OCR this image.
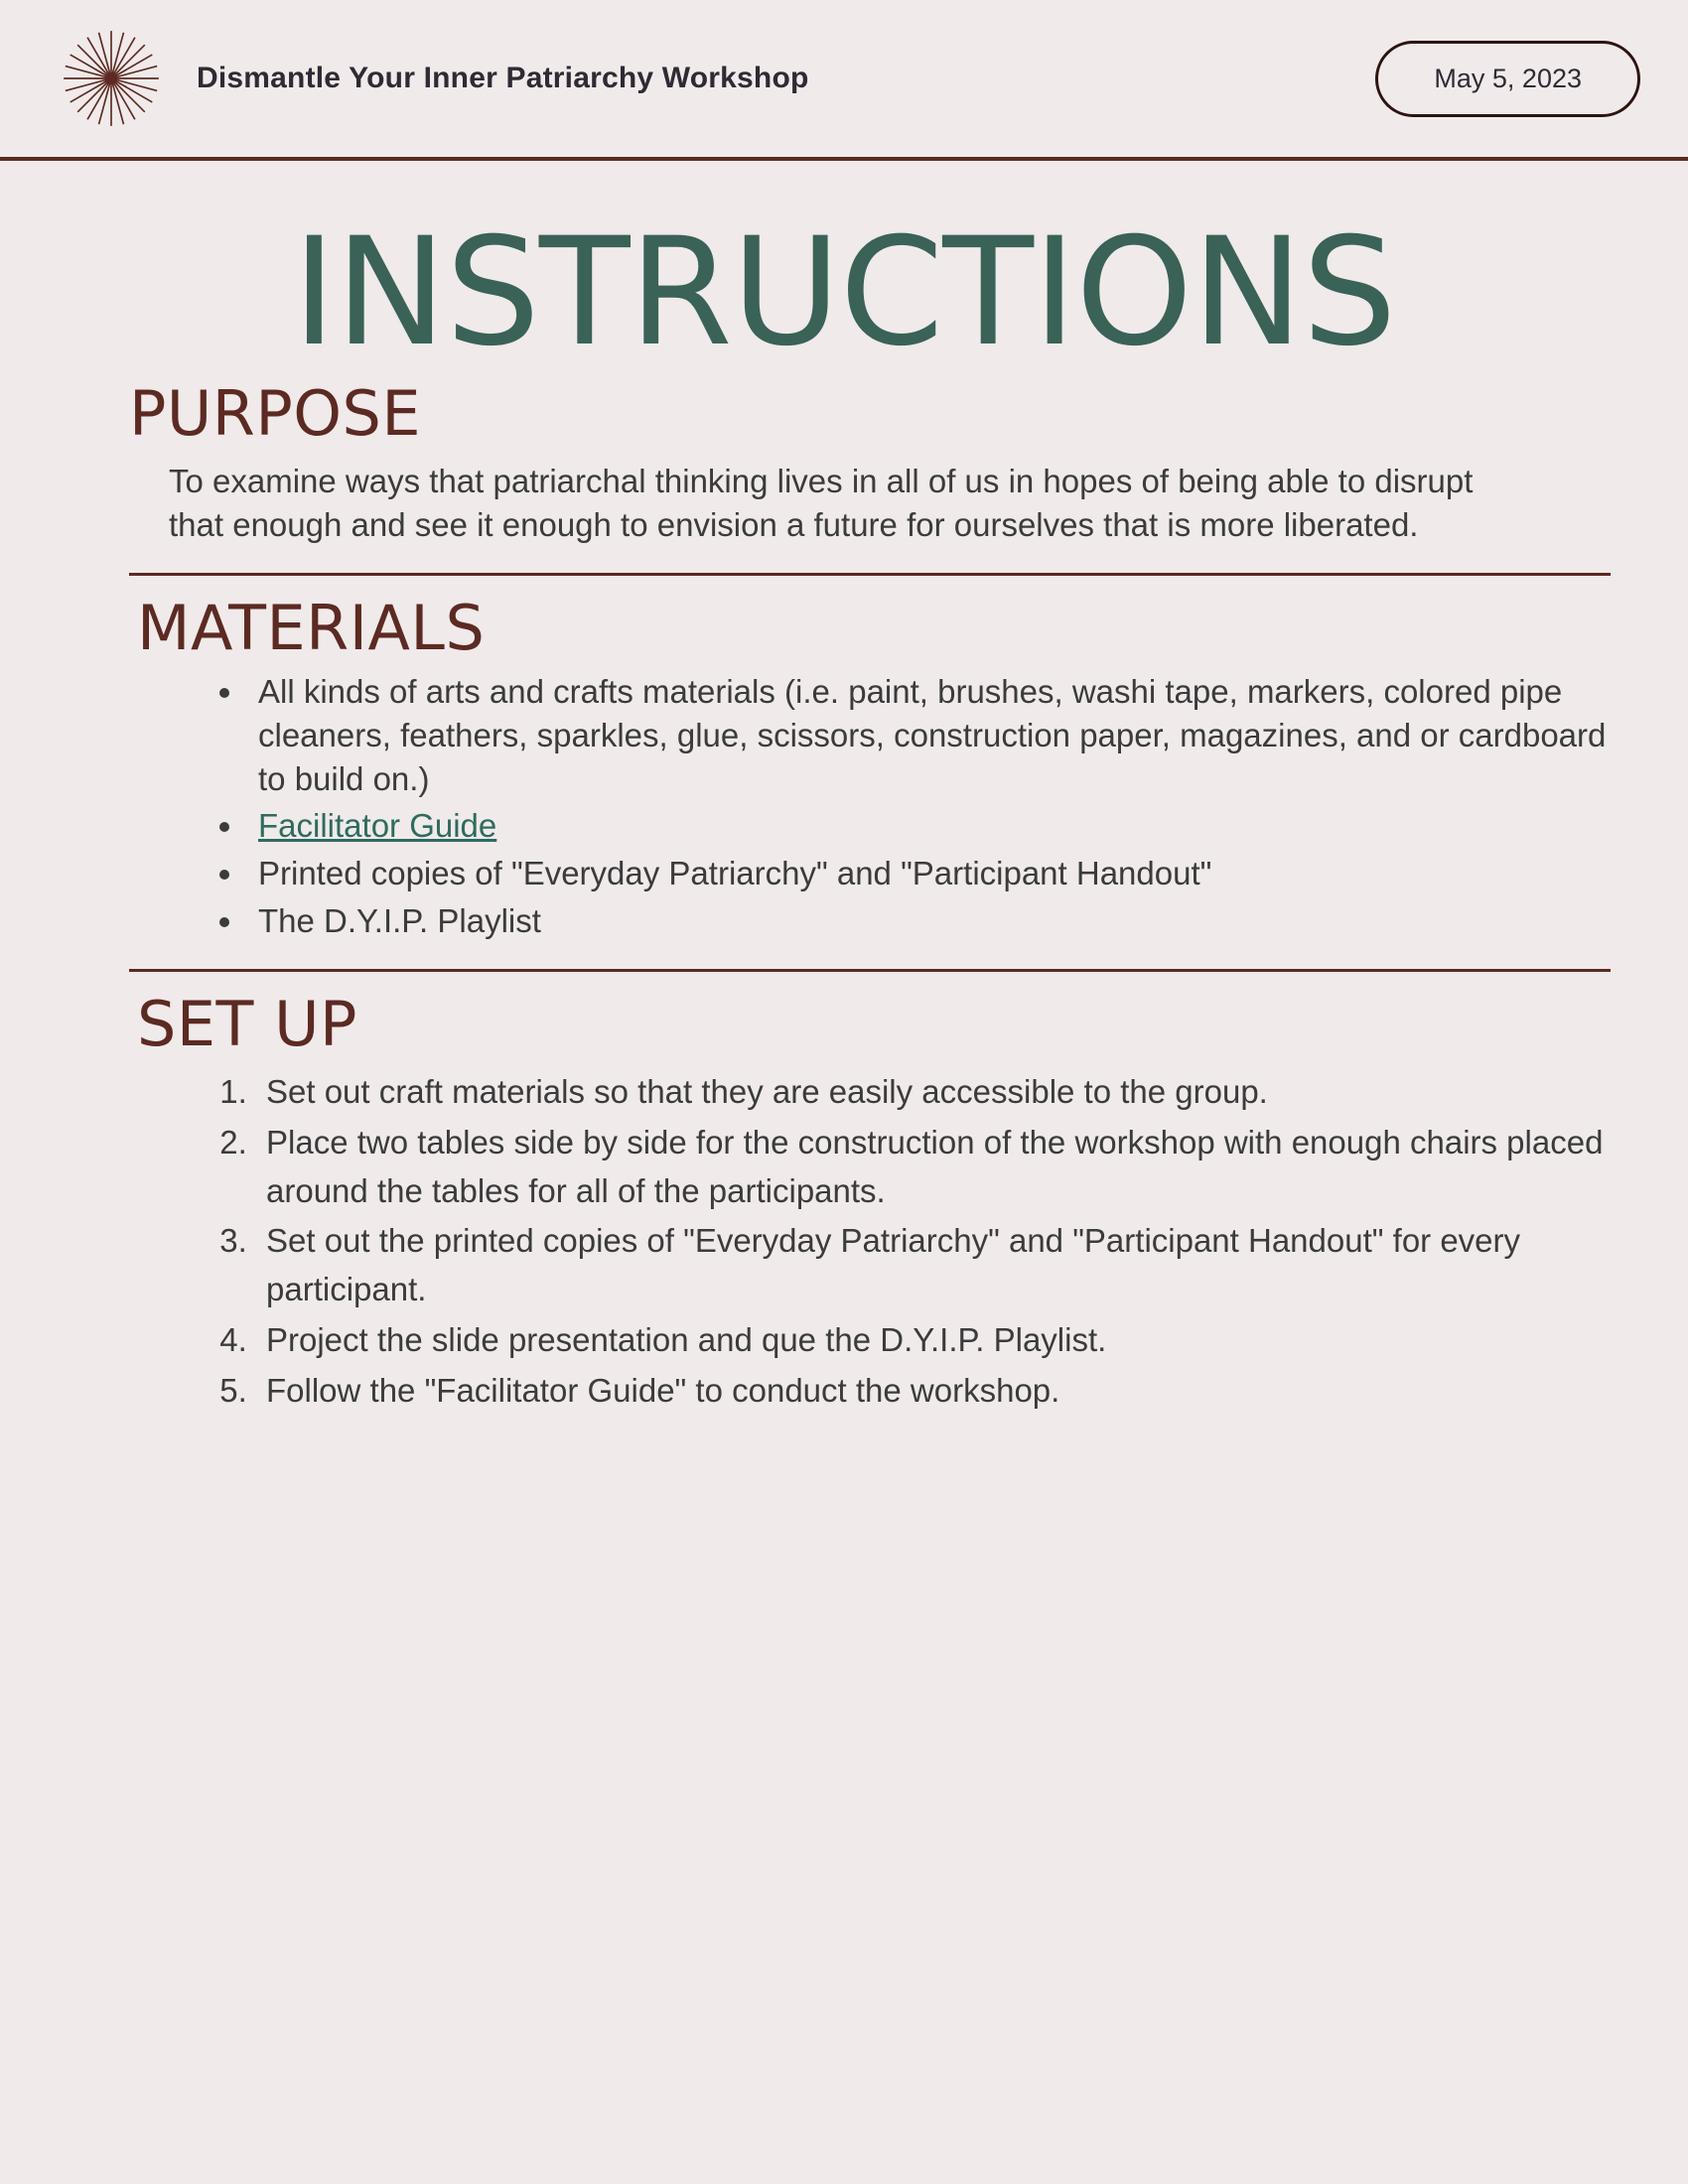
Dismantle Your Inner Patriarchy Workshop	May 5, 2023
INSTRUCTIONS
PURPOSE

To examine ways that patriarchal thinking lives in all of us in hopes of being able to disrupt that enough and see it enough to envision a future for ourselves that is more liberated.

MATERIALS
• All kinds of arts and crafts materials (i.e. paint, brushes, washi tape, markers, colored pipe cleaners, feathers, sparkles, glue, scissors, construction paper, magazines, and or cardboard to build on.)
• Facilitator Guide
• Printed copies of "Everyday Patriarchy" and "Participant Handout"
• The D.Y.I.P. Playlist
SET UP
1. Set out craft materials so that they are easily accessible to the group.
2. Place two tables side by side for the construction of the workshop with enough chairs placed around the tables for all of the participants.
3. Set out the printed copies of "Everyday Patriarchy" and "Participant Handout" for every participant.
4. Project the slide presentation and que the D.Y.I.P. Playlist.
5. Follow the "Facilitator Guide" to conduct the workshop.
